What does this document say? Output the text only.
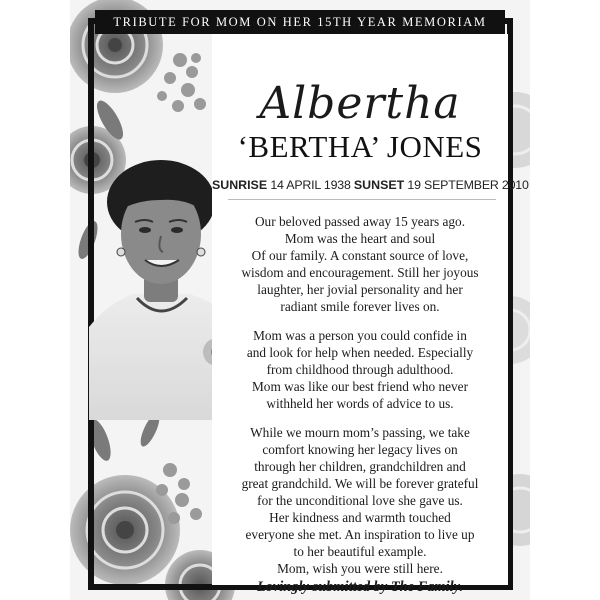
TRIBUTE FOR MOM ON HER 15TH YEAR MEMORIAM
Albertha
‘BERTHA’ JONES
SUNRISE 14 APRIL 1938 SUNSET 19 SEPTEMBER 2010

Our beloved passed away 15 years ago.
Mom was the heart and soul
Of our family. A constant source of love,
wisdom and encouragement. Still her joyous
laughter, her jovial personality and her
radiant smile forever lives on.

Mom was a person you could confide in
and look for help when needed. Especially
from childhood through adulthood.
Mom was like our best friend who never
withheld her words of advice to us.

While we mourn mom’s passing, we take
comfort knowing her legacy lives on
through her children, grandchildren and
great grandchild. We will be forever grateful
for the unconditional love she gave us.
Her kindness and warmth touched
everyone she met. An inspiration to live up
to her beautiful example.
Mom, wish you were still here.

Lovingly submitted by The Family.
